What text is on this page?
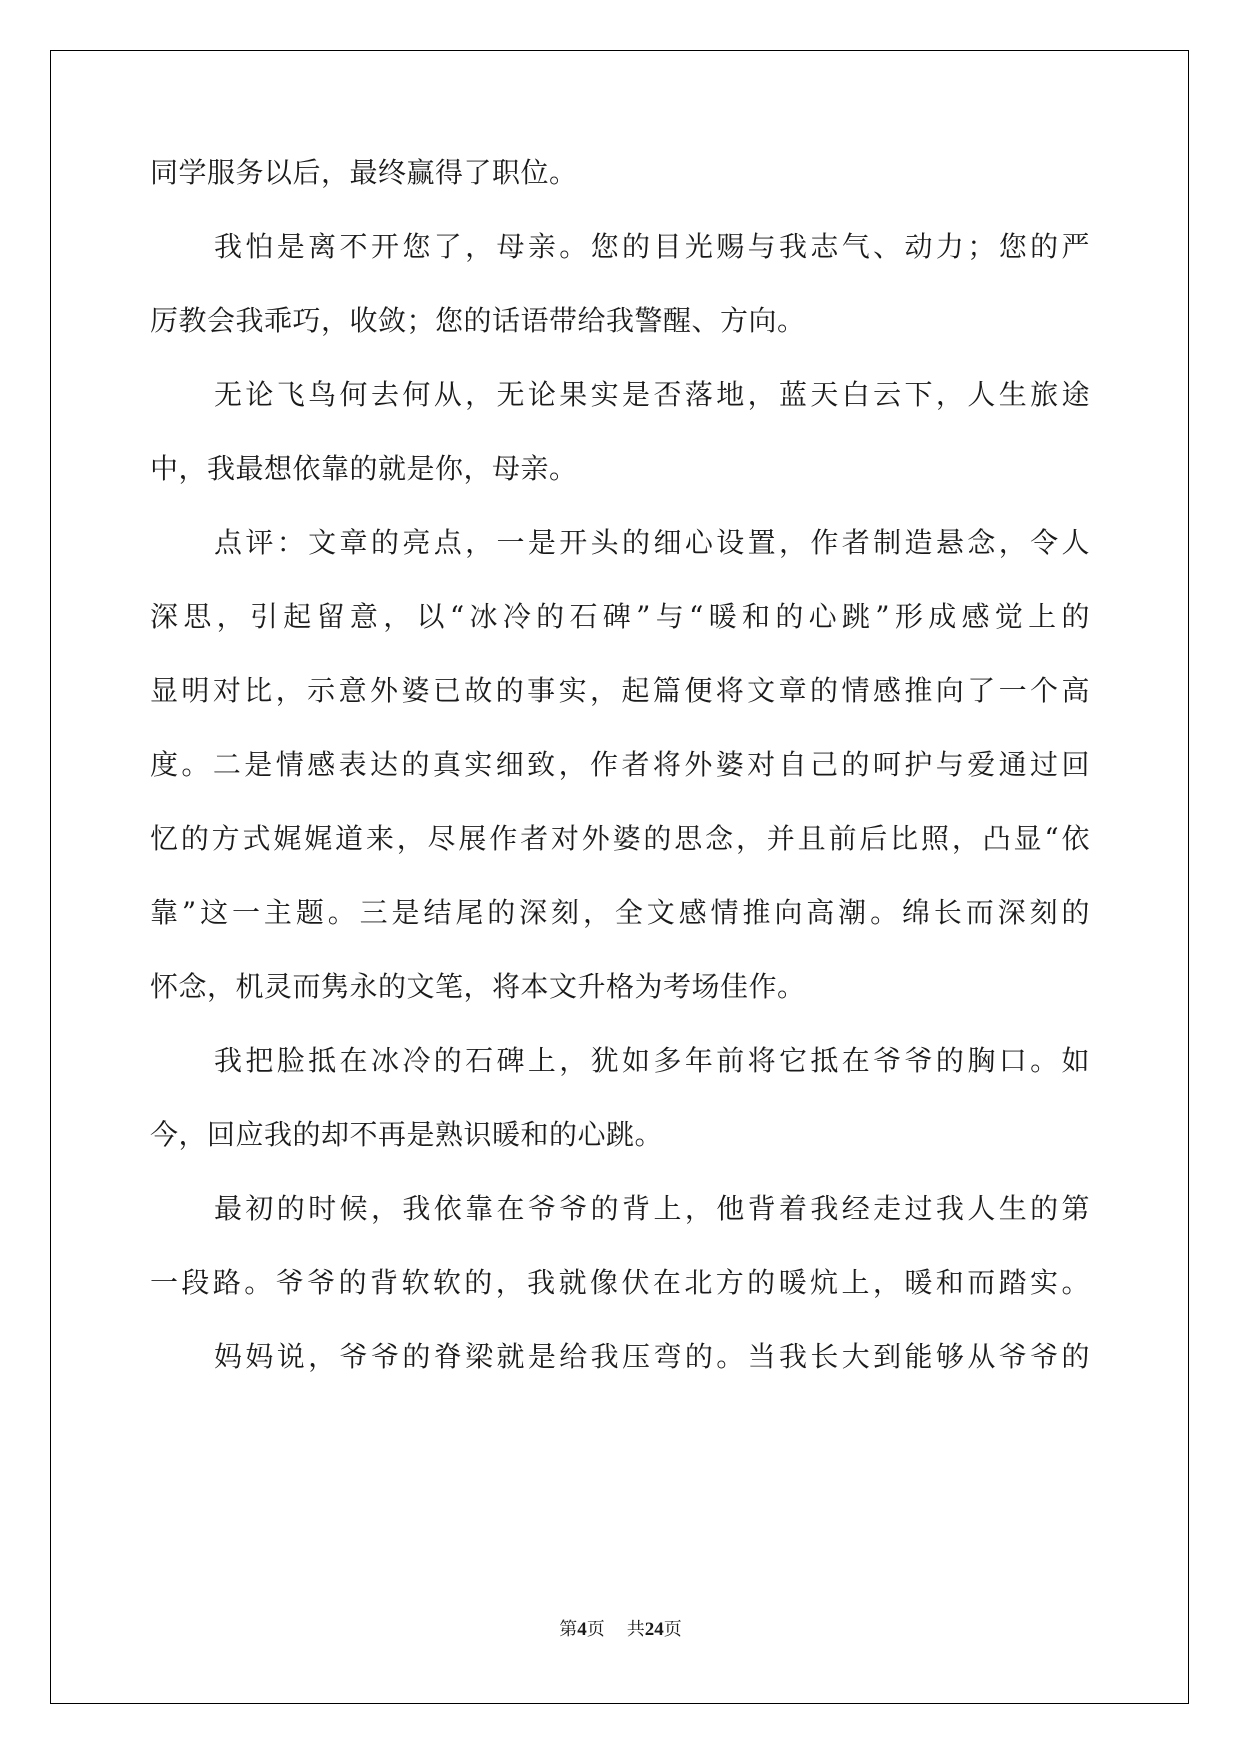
同学服务以后，最终赢得了职位。
我怕是离不开您了，母亲。您的目光赐与我志气、动力；您的严
厉教会我乖巧，收敛；您的话语带给我警醒、方向。
无论飞鸟何去何从，无论果实是否落地，蓝天白云下，人生旅途
中，我最想依靠的就是你，母亲。
点评：文章的亮点，一是开头的细心设置，作者制造悬念，令人
深思，引起留意，以“冰冷的石碑”与“暖和的心跳”形成感觉上的
显明对比，示意外婆已故的事实，起篇便将文章的情感推向了一个高
度。二是情感表达的真实细致，作者将外婆对自己的呵护与爱通过回
忆的方式娓娓道来，尽展作者对外婆的思念，并且前后比照，凸显“依
靠”这一主题。三是结尾的深刻，全文感情推向高潮。绵长而深刻的
怀念，机灵而隽永的文笔，将本文升格为考场佳作。
我把脸抵在冰冷的石碑上，犹如多年前将它抵在爷爷的胸口。如
今，回应我的却不再是熟识暖和的心跳。
最初的时候，我依靠在爷爷的背上，他背着我经走过我人生的第
一段路。爷爷的背软软的，我就像伏在北方的暖炕上，暖和而踏实。
妈妈说，爷爷的脊梁就是给我压弯的。当我长大到能够从爷爷的
第4页 共24页
